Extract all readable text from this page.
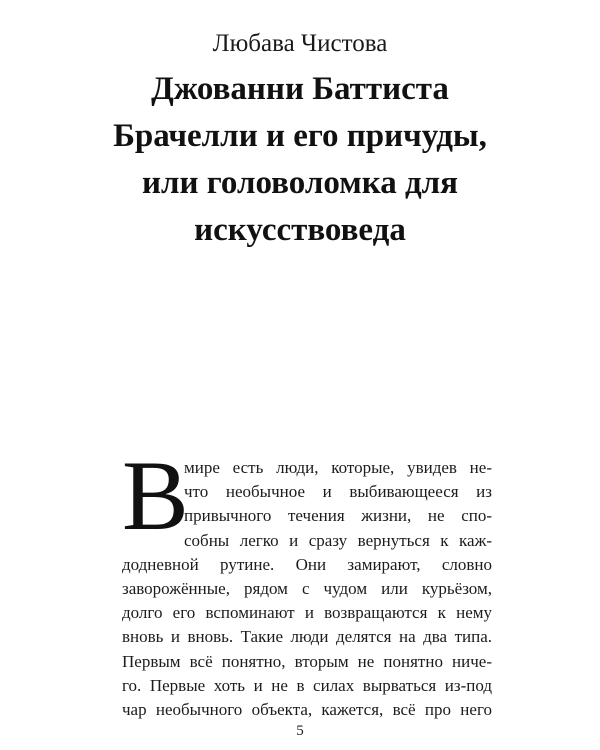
Любава Чистова
Джованни Баттиста
Брачелли и его причуды,
или головоломка для
искусствоведа
В
мире есть люди, которые, увидев не-
что необычное и выбивающееся из
привычного течения жизни, не спо-
собны легко и сразу вернуться к каж-
додневной рутине. Они замирают, словно
заворожённые, рядом с чудом или курьёзом,
долго его вспоминают и возвращаются к нему
вновь и вновь. Такие люди делятся на два типа.
Первым всё понятно, вторым не понятно ниче-
го. Первые хоть и не в силах вырваться из-под
чар необычного объекта, кажется, всё про него
5
